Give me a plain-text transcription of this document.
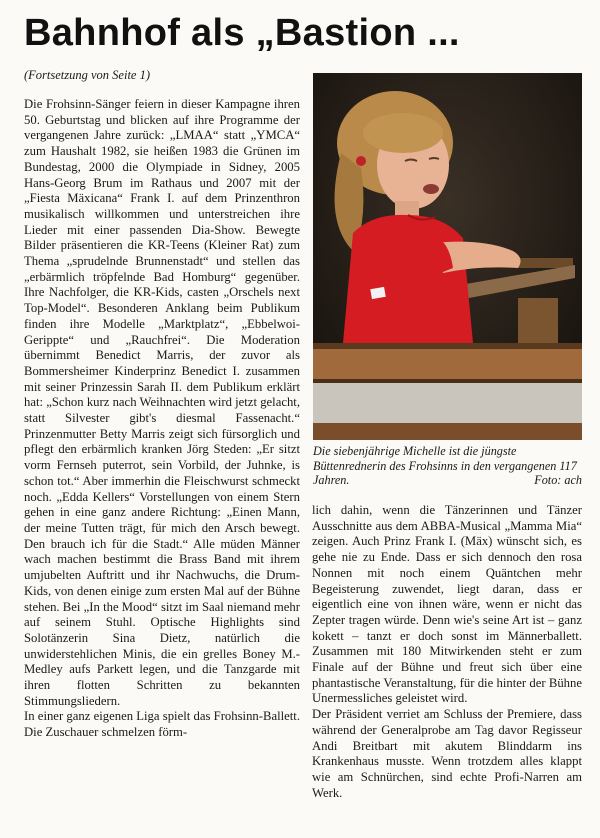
Bahnhof als „Bastion ...
(Fortsetzung von Seite 1)

Die Frohsinn-Sänger feiern in dieser Kampagne ihren 50. Geburtstag und blicken auf ihre Programme der vergangenen Jahre zurück: „LMAA“ statt „YMCA“ zum Haushalt 1982, sie heißen 1983 die Grünen im Bundestag, 2000 die Olympiade in Sidney, 2005 Hans-Georg Brum im Rathaus und 2007 mit der „Fiesta Mäxicana“ Frank I. auf dem Prinzenthron musikalisch willkommen und unterstreichen ihre Lieder mit einer passenden Dia-Show. Bewegte Bilder präsentieren die KR-Teens (Kleiner Rat) zum Thema „sprudelnde Brunnenstadt“ und stellen das „erbärmlich tröpfelnde Bad Homburg“ gegenüber. Ihre Nachfolger, die KR-Kids, casten „Orschels next Top-Model“. Besonderen Anklang beim Publikum finden ihre Modelle „Marktplatz“, „Ebbelwoi-Gerippte“ und „Rauchfrei“. Die Moderation übernimmt Benedict Marris, der zuvor als Bommersheimer Kinderprinz Benedict I. zusammen mit seiner Prinzessin Sarah II. dem Publikum erklärt hat: „Schon kurz nach Weihnachten wird jetzt gelacht, statt Silvester gibt's diesmal Fassenacht.“ Prinzenmutter Betty Marris zeigt sich fürsorglich und pflegt den erbärmlich kranken Jörg Steden: „Er sitzt vorm Fernseh puterrot, sein Vorbild, der Juhnke, is schon tot.“ Aber immerhin die Fleischwurst schmeckt noch. „Edda Kellers“ Vorstellungen von einem Stern gehen in eine ganz andere Richtung: „Einen Mann, der meine Tutten trägt, für mich den Arsch bewegt. Den brauch ich für die Stadt.“ Alle müden Männer wach machen bestimmt die Brass Band mit ihrem umjubelten Auftritt und ihr Nachwuchs, die Drum-Kids, von denen einige zum ersten Mal auf der Bühne stehen. Bei „In the Mood“ sitzt im Saal niemand mehr auf seinem Stuhl. Optische Highlights sind Solotänzerin Sina Dietz, natürlich die unwiderstehlichen Minis, die ein grelles Boney M.-Medley aufs Parkett legen, und die Tanzgarde mit ihren flotten Schritten zu bekannten Stimmungsliedern.

In einer ganz eigenen Liga spielt das Frohsinn-Ballett. Die Zuschauer schmelzen förm-

Die siebenjährige Michelle ist die jüngste Büttenrednerin des Frohsinns in den vergangenen 117 Jahren.	Foto: ach

lich dahin, wenn die Tänzerinnen und Tänzer Ausschnitte aus dem ABBA-Musical „Mamma Mia“ zeigen. Auch Prinz Frank I. (Mäx) wünscht sich, es gehe nie zu Ende. Dass er sich dennoch den rosa Nonnen mit noch einem Quäntchen mehr Begeisterung zuwendet, liegt daran, dass er eigentlich eine von ihnen wäre, wenn er nicht das Zepter tragen würde. Denn wie's seine Art ist – ganz kokett – tanzt er doch sonst im Männerballett. Zusammen mit 180 Mitwirkenden steht er zum Finale auf der Bühne und freut sich über eine phantastische Veranstaltung, für die hinter der Bühne Unermessliches geleistet wird.

Der Präsident verriet am Schluss der Premiere, dass während der Generalprobe am Tag davor Regisseur Andi Breitbart mit akutem Blinddarm ins Krankenhaus musste. Wenn trotzdem alles klappt wie am Schnürchen, sind echte Profi-Narren am Werk.
